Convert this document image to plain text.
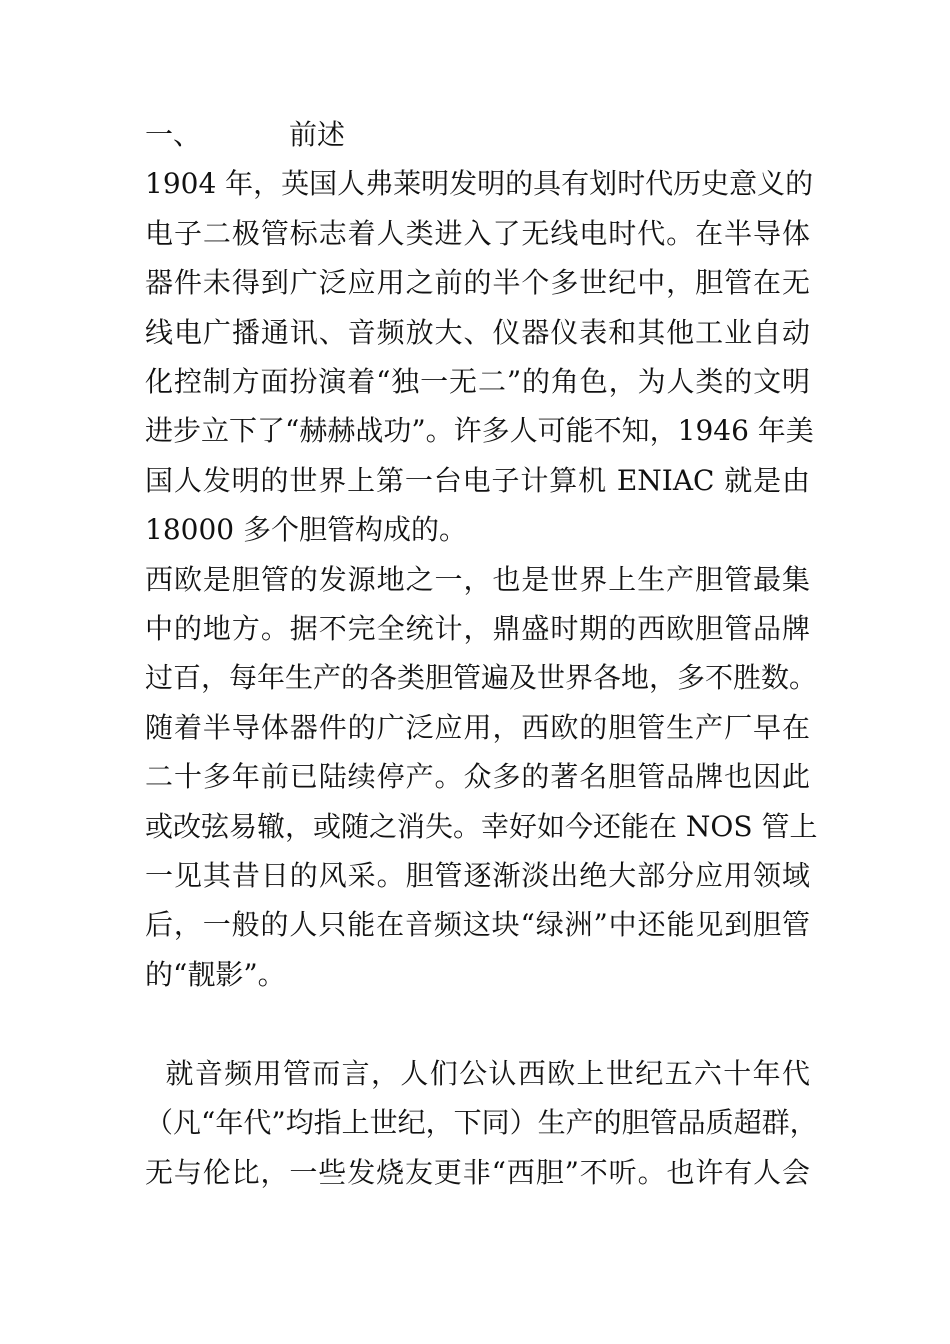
一、	前述

1904 年，英国人弗莱明发明的具有划时代历史意义的
电子二极管标志着人类进入了无线电时代。在半导体
器件未得到广泛应用之前的半个多世纪中，胆管在无
线电广播通讯、音频放大、仪器仪表和其他工业自动
化控制方面扮演着“独一无二”的角色，为人类的文明
进步立下了“赫赫战功”。许多人可能不知，1946 年美
国人发明的世界上第一台电子计算机 ENIAC 就是由
18000 多个胆管构成的。

西欧是胆管的发源地之一，也是世界上生产胆管最集
中的地方。据不完全统计，鼎盛时期的西欧胆管品牌
过百，每年生产的各类胆管遍及世界各地，多不胜数。
随着半导体器件的广泛应用，西欧的胆管生产厂早在
二十多年前已陆续停产。众多的著名胆管品牌也因此
或改弦易辙，或随之消失。幸好如今还能在 NOS 管上
一见其昔日的风采。胆管逐渐淡出绝大部分应用领域
后，一般的人只能在音频这块“绿洲”中还能见到胆管
的“靓影”。

就音频用管而言，人们公认西欧上世纪五六十年代
（凡“年代”均指上世纪，下同）生产的胆管品质超群，
无与伦比，一些发烧友更非“西胆”不听。也许有人会
